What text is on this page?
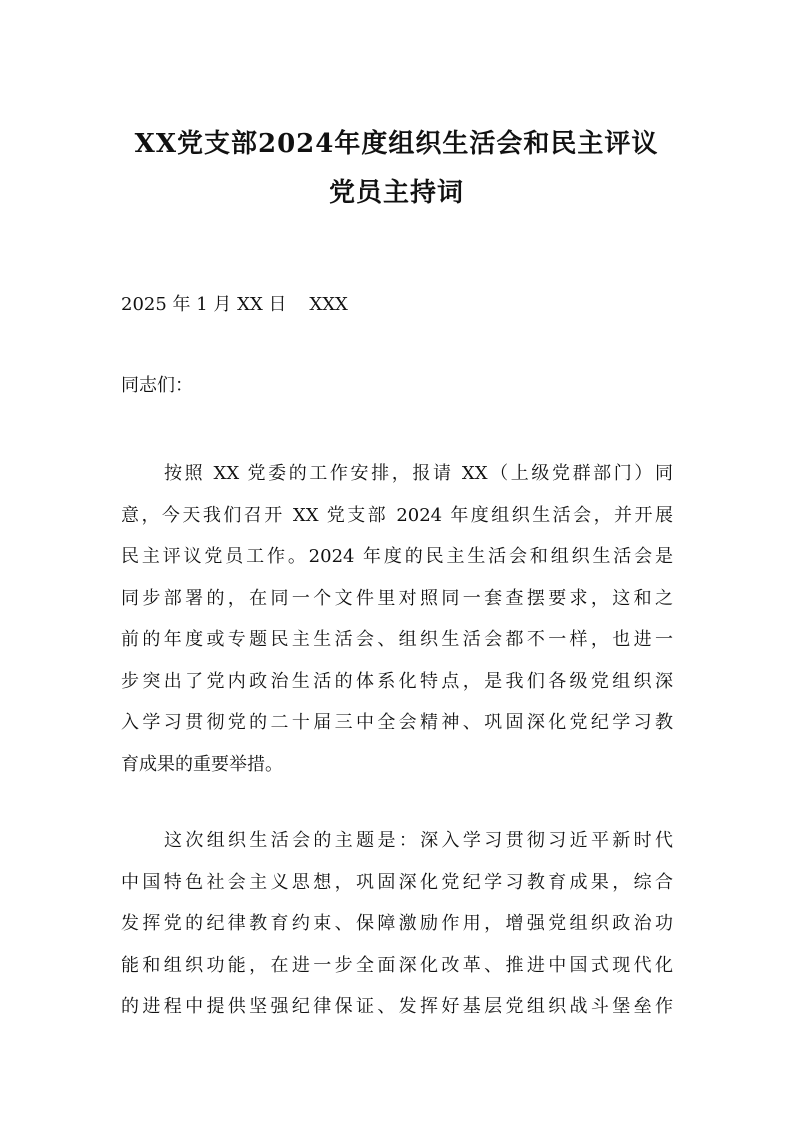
XX党支部2024年度组织生活会和民主评议
党员主持词
2025 年 1 月 XX 日    XXX
同志们：
按照 XX 党委的工作安排，报请 XX（上级党群部门）同
意，今天我们召开 XX 党支部 2024 年度组织生活会，并开展
民主评议党员工作。2024 年度的民主生活会和组织生活会是
同步部署的，在同一个文件里对照同一套查摆要求，这和之
前的年度或专题民主生活会、组织生活会都不一样，也进一
步突出了党内政治生活的体系化特点，是我们各级党组织深
入学习贯彻党的二十届三中全会精神、巩固深化党纪学习教
育成果的重要举措。
这次组织生活会的主题是：深入学习贯彻习近平新时代
中国特色社会主义思想，巩固深化党纪学习教育成果，综合
发挥党的纪律教育约束、保障激励作用，增强党组织政治功
能和组织功能，在进一步全面深化改革、推进中国式现代化
的进程中提供坚强纪律保证、发挥好基层党组织战斗堡垒作
